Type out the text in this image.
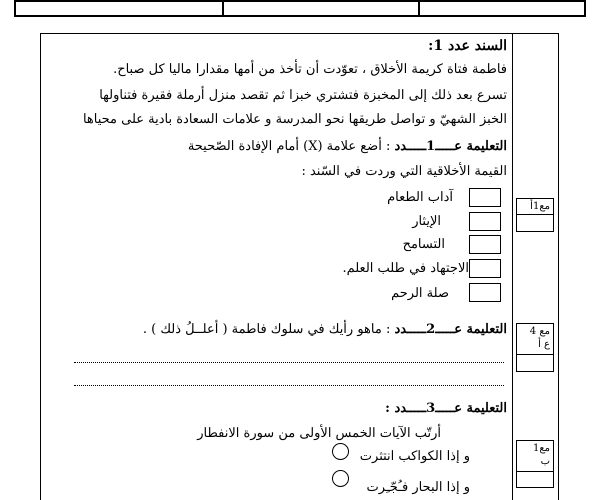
السند عدد 1:
فاطمة فتاة كريمة الأخلاق ، تعوّدت أن تأخذ من أمها مقدارا ماليا كل صباح.
تسرع بعد ذلك إلى المخبزة فتشتري خبزا ثم تقصد منزل أرملة فقيرة فتناولها
الخبز الشهيّ و تواصل طريقها نحو المدرسة و علامات السعادة بادية على محياها
التعليمة عـــــ1ـــــدد : أضع علامة (X) أمام الإفادة الصّحيحة
القيمة الأخلاقية التي وردت في السّند :
آداب الطعام
الإيثار
التسامح
الاجتهاد في طلب العلم.
صلة الرحم
التعليمة عـــــ2ـــــدد : ماهو رأيك في سلوك فاطمة ( أعلــلُ ذلك ) .
التعليمة عـــــ3ـــــدد :
أرتّب الآيات الخمس الأولى من سورة الانفطار
و إذا الكواكب انتثرت
و إذا البحار فـُجّـِرت
مع1أ
مع 4
ع أ
مع1
ب
